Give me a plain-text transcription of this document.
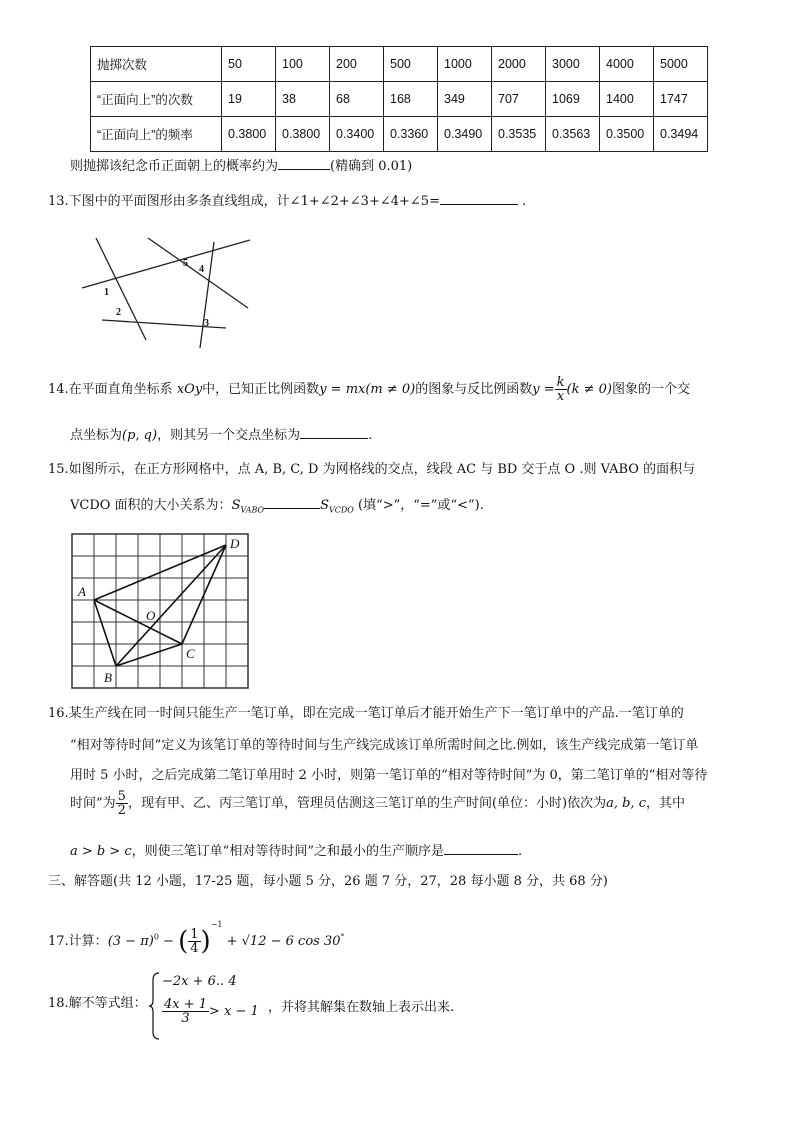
抛掷次数	50	100	200	500	1000	2000	3000	4000	5000
“正面向上”的次数	19	38	68	168	349	707	1069	1400	1747
“正面向上”的频率	0.3800	0.3800	0.3400	0.3360	0.3490	0.3535	0.3563	0.3500	0.3494
则抛掷该纪念币正面朝上的概率约为	(精确到 0.01)
13.下图中的平面图形由多条直线组成，计∠1+∠2+∠3+∠4+∠5=	.
1
2
3
4
5
14.在平面直角坐标系 xOy中，已知正比例函数y = mx(m ≠ 0)的图象与反比例函数$y = \frac{k}{x} (k \ne 0)$图象的一个交
点坐标为(p, q)，则其另一个交点坐标为	.
15.如图所示，在正方形网格中，点 A, B, C, D 为网格线的交点，线段 AC 与 BD 交于点 O .则 VABO 的面积与
VCDO 面积的大小关系为：$S_{VABO}$	$S_{VCDO}$ (填“>”，“=”或“<”).
A
B
C
D
O
16.某生产线在同一时间只能生产一笔订单，即在完成一笔订单后才能开始生产下一笔订单中的产品.一笔订单的
“相对等待时间”定义为该笔订单的等待时间与生产线完成该订单所需时间之比.例如，该生产线完成第一笔订单
用时 5 小时，之后完成第二笔订单用时 2 小时，则第一笔订单的“相对等待时间”为 0，第二笔订单的“相对等待
时间”为 $\frac{5}{2}$ ，现有甲、乙、丙三笔订单，管理员估测这三笔订单的生产时间(单位：小时)依次为a, b, c，其中
a > b > c，则使三笔订单“相对等待时间”之和最小的生产顺序是	.
三、解答题(共 12 小题，17-25 题，每小题 5 分，26 题 7 分，27，28 每小题 8 分，共 68 分)
17.计算：$(3 - \pi)^0$ − ( $\frac{1}{4} )^{-1} + √12 - 6$ cos 30°
18.解不等式组：
−2x + 6.. 4
$\frac{4x + 1}{3} > x - 1$ ，并将其解集在数轴上表示出来.
